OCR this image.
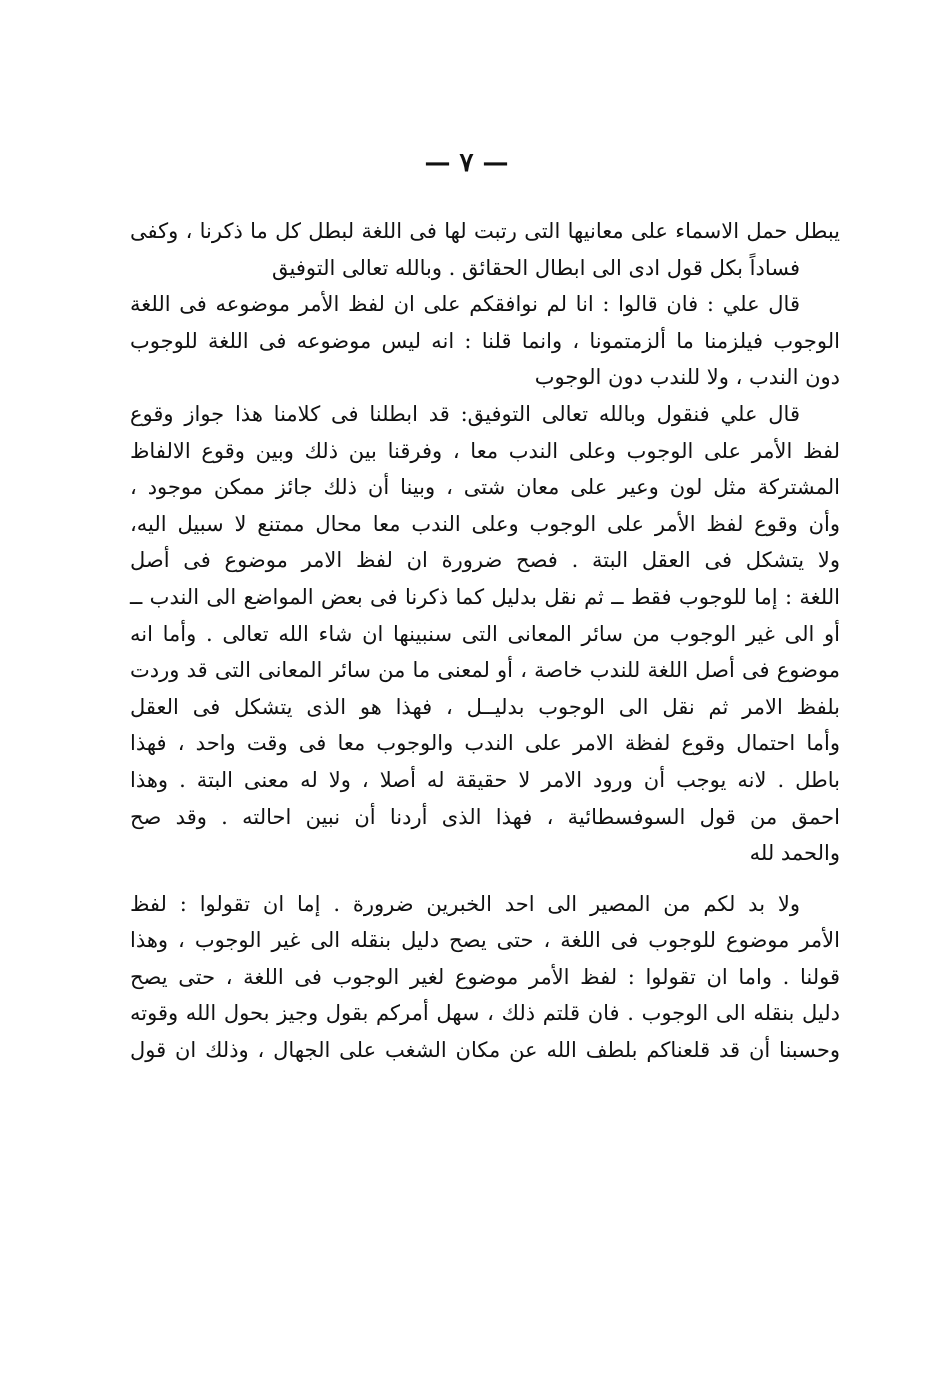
— ٧ —

يبطل حمل الاسماء على معانيها التى رتبت لها فى اللغة لبطل كل ما ذكرنا ، وكفى
فساداً بكل قول ادى الى ابطال الحقائق . وبالله تعالى التوفيق

قال علي : فان قالوا : انا لم نوافقكم على ان لفظ الأمر موضوعه فى اللغة
الوجوب فيلزمنا ما ألزمتمونا ، وانما قلنا : انه ليس موضوعه فى اللغة للوجوب
دون الندب ، ولا للندب دون الوجوب

قال علي فنقول وبالله تعالى التوفيق: قد ابطلنا فى كلامنا هذا جواز وقوع
لفظ الأمر على الوجوب وعلى الندب معا ، وفرقنا بين ذلك وبين وقوع الالفاظ
المشتركة مثل لون وعير على معان شتى ، وبينا أن ذلك جائز ممكن موجود ،
وأن وقوع لفظ الأمر على الوجوب وعلى الندب معا محال ممتنع لا سبيل اليه،
ولا يتشكل فى العقل البتة . فصح ضرورة ان لفظ الامر موضوع فى أصل
اللغة : إما للوجوب فقط ــ ثم نقل بدليل كما ذكرنا فى بعض المواضع الى الندب ــ
أو الى غير الوجوب من سائر المعانى التى سنبينها ان شاء الله تعالى . وأما انه
موضوع فى أصل اللغة للندب خاصة ، أو لمعنى ما من سائر المعانى التى قد وردت
بلفظ الامر ثم نقل الى الوجوب بدليــل ، فهذا هو الذى يتشكل فى العقل
وأما احتمال وقوع لفظة الامر على الندب والوجوب معا فى وقت واحد ، فهذا
باطل . لانه يوجب أن ورود الامر لا حقيقة له أصلا ، ولا له معنى البتة . وهذا
احمق من قول السوفسطائية ، فهذا الذى أردنا أن نبين احالته . وقد صح
والحمد لله

ولا بد لكم من المصير الى احد الخبرين ضرورة . إما ان تقولوا : لفظ
الأمر موضوع للوجوب فى اللغة ، حتى يصح دليل بنقله الى غير الوجوب ، وهذا
قولنا . واما ان تقولوا : لفظ الأمر موضوع لغير الوجوب فى اللغة ، حتى يصح
دليل بنقله الى الوجوب . فان قلتم ذلك ، سهل أمركم بقول وجيز بحول الله وقوته
وحسبنا أن قد قلعناكم بلطف الله عن مكان الشغب على الجهال ، وذلك ان قول
